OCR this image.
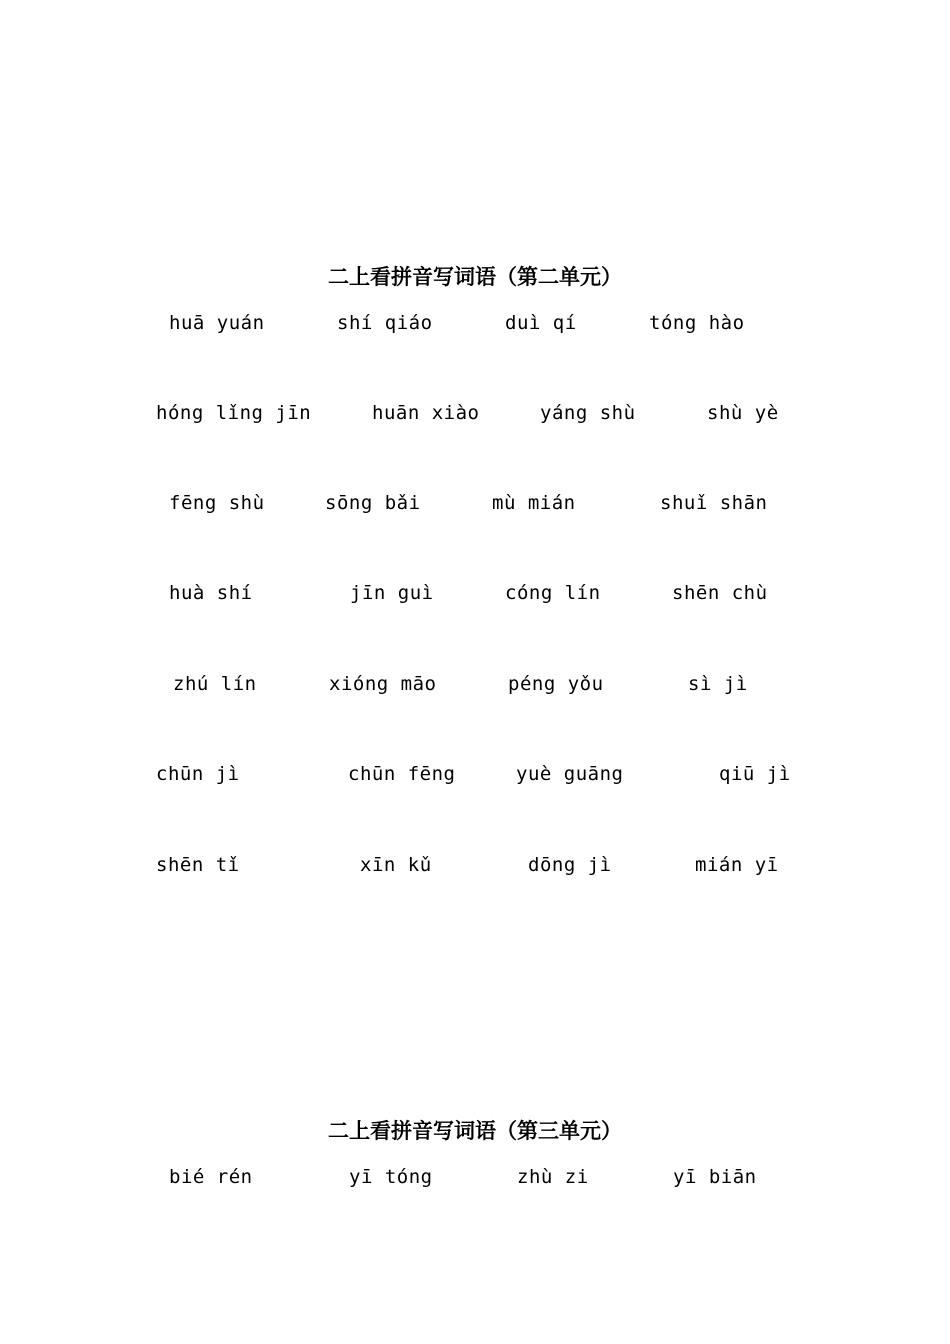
二上看拼音写词语（第二单元）
huā yuán	shí qiáo	duì qí	tóng hào
hóng lǐng jīn	huān xiào	yáng shù	shù yè
fēng shù	sōng bǎi	mù mián	shuǐ shān
huà shí	jīn guì	cóng lín	shēn chù
zhú lín	xióng māo	péng yǒu	sì jì
chūn jì	chūn fēng	yuè guāng	qiū jì
shēn tǐ	xīn kǔ	dōng jì	mián yī
二上看拼音写词语（第三单元）
bié rén	yī tóng	zhù zi	yī biān
